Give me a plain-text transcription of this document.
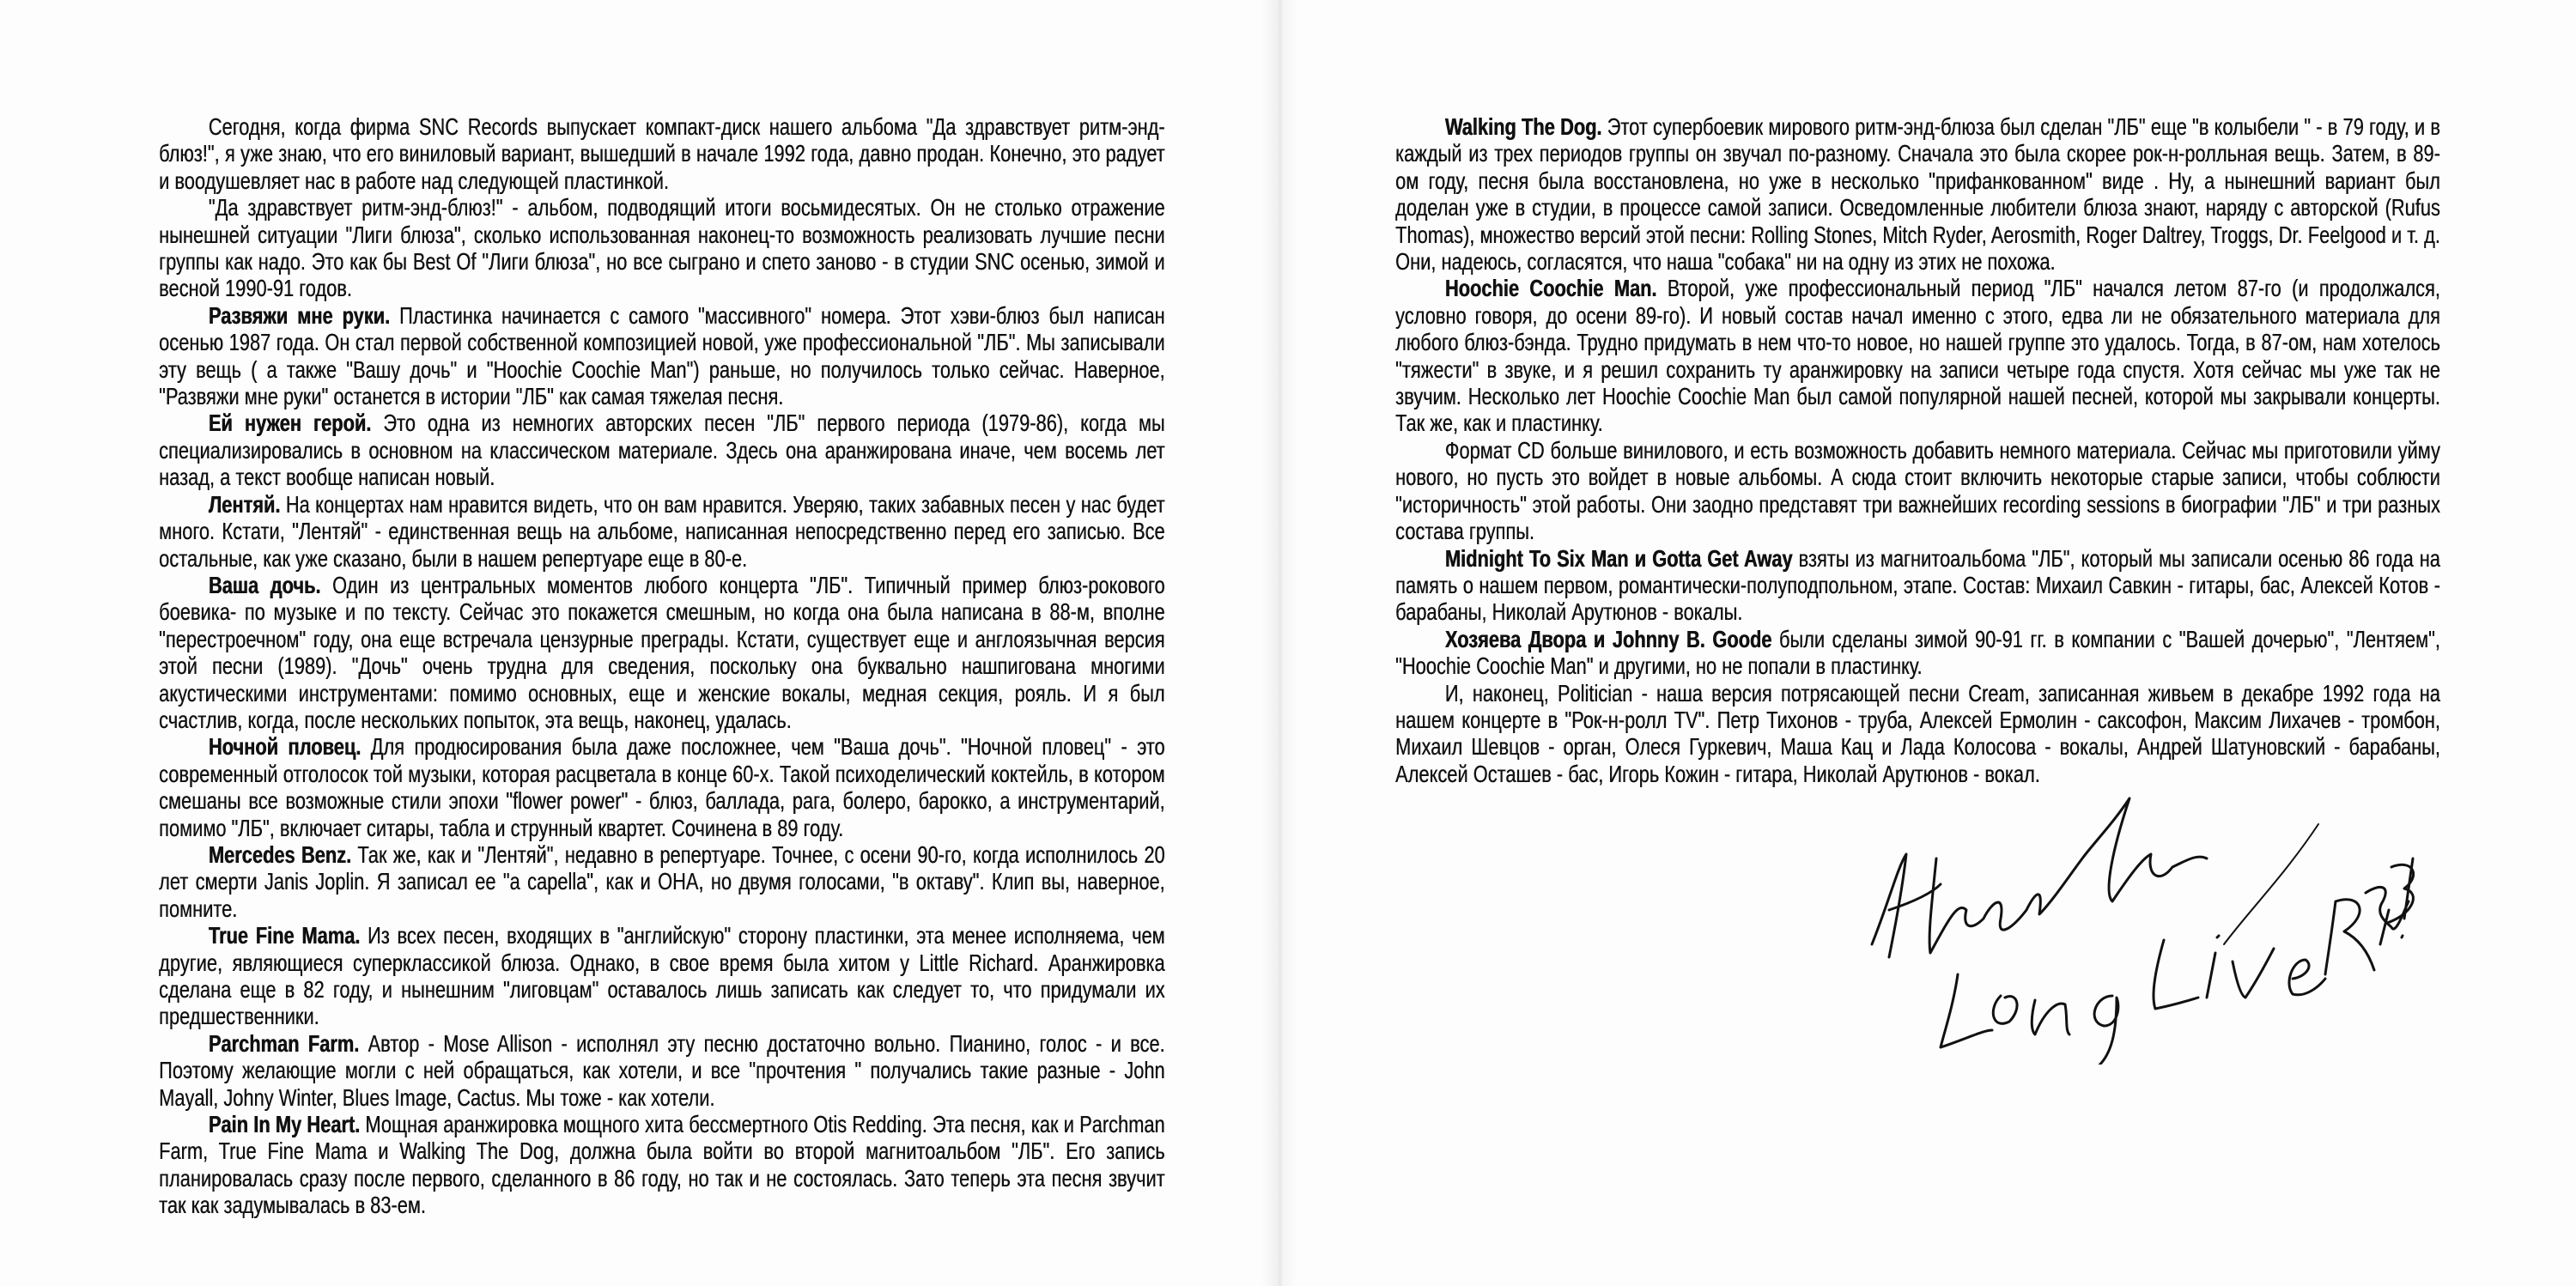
Сегодня, когда фирма SNC Records выпускает компакт-диск нашего альбома "Да здравствует ритм-энд-блюз!", я уже знаю, что его виниловый вариант, вышедший в начале 1992 года, давно продан. Конечно, это радует и воодушевляет нас в работе над следующей пластинкой.

"Да здравствует ритм-энд-блюз!" - альбом, подводящий итоги восьмидесятых. Он не столько отражение нынешней ситуации "Лиги блюза", сколько использованная наконец-то возможность реализовать лучшие песни группы как надо. Это как бы Best Of "Лиги блюза", но все сыграно и спето заново - в студии SNC осенью, зимой и весной 1990-91 годов.

Развяжи мне руки. Пластинка начинается с самого "массивного" номера. Этот хэви-блюз был написан осенью 1987 года. Он стал первой собственной композицией новой, уже профессиональной "ЛБ". Мы записывали эту вещь ( а также "Вашу дочь" и "Hoochie Coochie Man") раньше, но получилось только сейчас. Наверное, "Развяжи мне руки" останется в истории "ЛБ" как самая тяжелая песня.

Ей нужен герой. Это одна из немногих авторских песен "ЛБ" первого периода (1979-86), когда мы специализировались в основном на классическом материале. Здесь она аранжирована иначе, чем восемь лет назад, а текст вообще написан новый.

Лентяй. На концертах нам нравится видеть, что он вам нравится. Уверяю, таких забавных песен у нас будет много. Кстати, "Лентяй" - единственная вещь на альбоме, написанная непосредственно перед его записью. Все остальные, как уже сказано, были в нашем репертуаре еще в 80-е.

Ваша дочь. Один из центральных моментов любого концерта "ЛБ". Типичный пример блюз-рокового боевика- по музыке и по тексту. Сейчас это покажется смешным, но когда она была написана в 88-м, вполне "перестроечном" году, она еще встречала цензурные преграды. Кстати, существует еще и англоязычная версия этой песни (1989). "Дочь" очень трудна для сведения, поскольку она буквально нашпигована многими акустическими инструментами: помимо основных, еще и женские вокалы, медная секция, рояль. И я был счастлив, когда, после нескольких попыток, эта вещь, наконец, удалась.

Ночной пловец. Для продюсирования была даже посложнее, чем "Ваша дочь". "Ночной пловец" - это современный отголосок той музыки, которая расцветала в конце 60-х. Такой психоделический коктейль, в котором смешаны все возможные стили эпохи "flower power" - блюз, баллада, рага, болеро, барокко, а инструментарий, помимо "ЛБ", включает ситары, табла и струнный квартет. Сочинена в 89 году.

Mercedes Benz. Так же, как и "Лентяй", недавно в репертуаре. Точнее, с осени 90-го, когда исполнилось 20 лет смерти Janis Joplin. Я записал ее "a capella", как и ОНА, но двумя голосами, "в октаву". Клип вы, наверное, помните.

True Fine Mama. Из всех песен, входящих в "английскую" сторону пластинки, эта менее исполняема, чем другие, являющиеся суперклассикой блюза. Однако, в свое время была хитом у Little Richard. Аранжировка сделана еще в 82 году, и нынешним "лиговцам" оставалось лишь записать как следует то, что придумали их предшественники.

Parchman Farm. Автор - Mose Allison - исполнял эту песню достаточно вольно. Пианино, голос - и все. Поэтому желающие могли с ней обращаться, как хотели, и все "прочтения " получались такие разные - John Mayall, Johny Winter, Blues Image, Cactus. Мы тоже - как хотели.

Pain In My Heart. Мощная аранжировка мощного хита бессмертного Otis Redding. Эта песня, как и Parchman Farm, True Fine Mama и Walking The Dog, должна была войти во второй магнитоальбом "ЛБ". Его запись планировалась сразу после первого, сделанного в 86 году, но так и не состоялась. Зато теперь эта песня звучит так как задумывалась в 83-ем.

Walking The Dog. Этот супербоевик мирового ритм-энд-блюза был сделан "ЛБ" еще "в колыбели " - в 79 году, и в каждый из трех периодов группы он звучал по-разному. Сначала это была скорее рок-н-ролльная вещь. Затем, в 89-ом году, песня была восстановлена, но уже в несколько "прифанкованном" виде . Ну, а нынешний вариант был доделан уже в студии, в процессе самой записи. Осведомленные любители блюза знают, наряду с авторской (Rufus Thomas), множество версий этой песни: Rolling Stones, Mitch Ryder, Aerosmith, Roger Daltrey, Troggs, Dr. Feelgood и т. д. Они, надеюсь, согласятся, что наша "собака" ни на одну из этих не похожа.

Hoochie Coochie Man. Второй, уже профессиональный период "ЛБ" начался летом 87-го (и продолжался, условно говоря, до осени 89-го). И новый состав начал именно с этого, едва ли не обязательного материала для любого блюз-бэнда. Трудно придумать в нем что-то новое, но нашей группе это удалось. Тогда, в 87-ом, нам хотелось "тяжести" в звуке, и я решил сохранить ту аранжировку на записи четыре года спустя. Хотя сейчас мы уже так не звучим. Несколько лет Hoochie Coochie Man был самой популярной нашей песней, которой мы закрывали концерты. Так же, как и пластинку.

Формат CD больше винилового, и есть возможность добавить немного материала. Сейчас мы приготовили уйму нового, но пусть это войдет в новые альбомы. А сюда стоит включить некоторые старые записи, чтобы соблюсти "историчность" этой работы. Они заодно представят три важнейших recording sessions в биографии "ЛБ" и три разных состава группы.

Midnight To Six Man и Gotta Get Away взяты из магнитоальбома "ЛБ", который мы записали осенью 86 года на память о нашем первом, романтически-полуподпольном, этапе. Состав: Михаил Савкин - гитары, бас, Алексей Котов - барабаны, Николай Арутюнов - вокалы.

Хозяева Двора и Johnny B. Goode были сделаны зимой 90-91 гг. в компании с "Вашей дочерью", "Лентяем", "Hoochie Coochie Man" и другими, но не попали в пластинку.

И, наконец, Politician - наша версия потрясающей песни Cream, записанная живьем в декабре 1992 года на нашем концерте в "Рок-н-ролл TV". Петр Тихонов - труба, Алексей Ермолин - саксофон, Максим Лихачев - тромбон, Михаил Шевцов - орган, Олеся Гуркевич, Маша Кац и Лада Колосова - вокалы, Андрей Шатуновский - барабаны, Алексей Осташев - бас, Игорь Кожин - гитара, Николай Арутюнов - вокал.
